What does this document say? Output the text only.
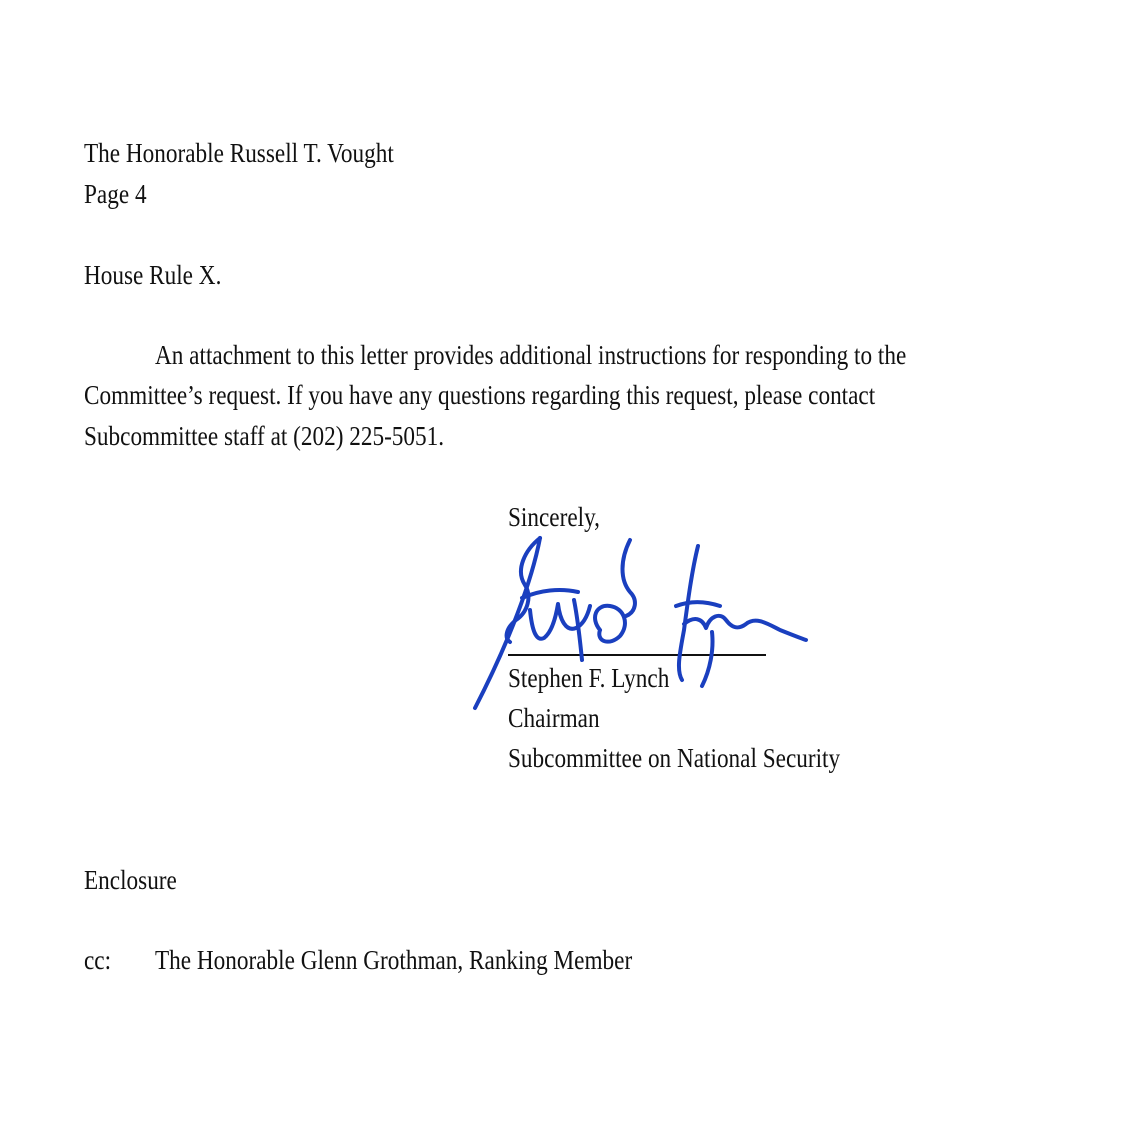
The Honorable Russell T. Vought
Page 4
House Rule X.
An attachment to this letter provides additional instructions for responding to the
Committee’s request. If you have any questions regarding this request, please contact
Subcommittee staff at (202) 225-5051.
Sincerely,
Stephen F. Lynch
Chairman
Subcommittee on National Security
Enclosure
cc: The Honorable Glenn Grothman, Ranking Member
